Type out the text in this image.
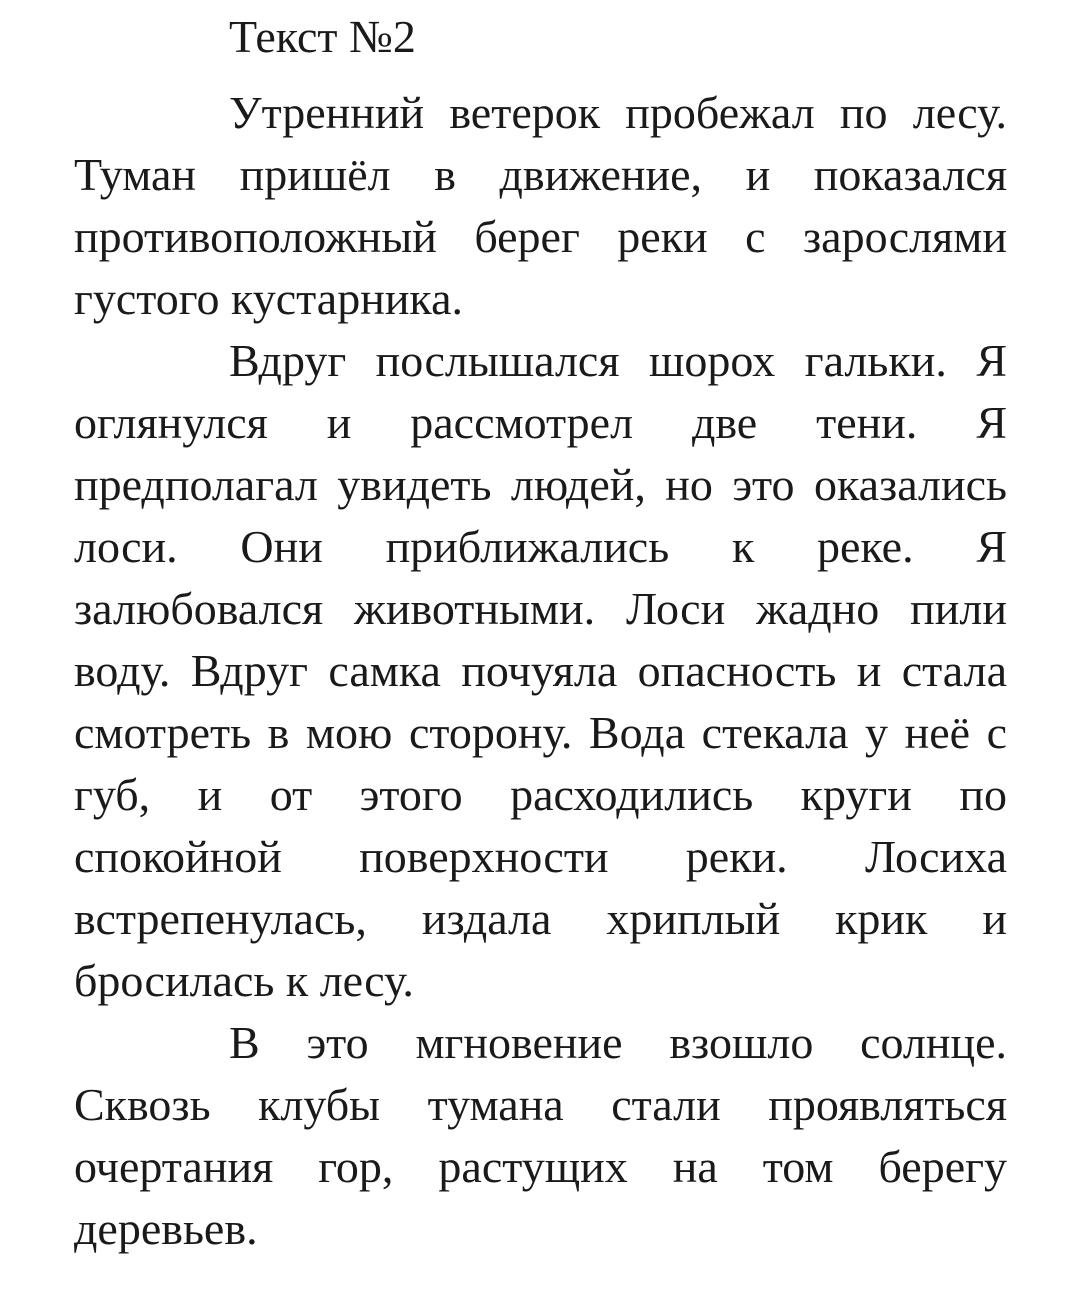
Текст №2

Утренний ветерок пробежал по лесу. Туман пришёл в движение, и показался противоположный берег реки с зарослями густого кустарника.

Вдруг послышался шорох гальки. Я оглянулся и рассмотрел две тени. Я предполагал увидеть людей, но это оказались лоси. Они приближались к реке. Я залюбовался животными. Лоси жадно пили воду. Вдруг самка почуяла опасность и стала смотреть в мою сторону. Вода стекала у неё с губ, и от этого расходились круги по спокойной поверхности реки. Лосиха встрепенулась, издала хриплый крик и бросилась к лесу.

В это мгновение взошло солнце. Сквозь клубы тумана стали проявляться очертания гор, растущих на том берегу деревьев.
